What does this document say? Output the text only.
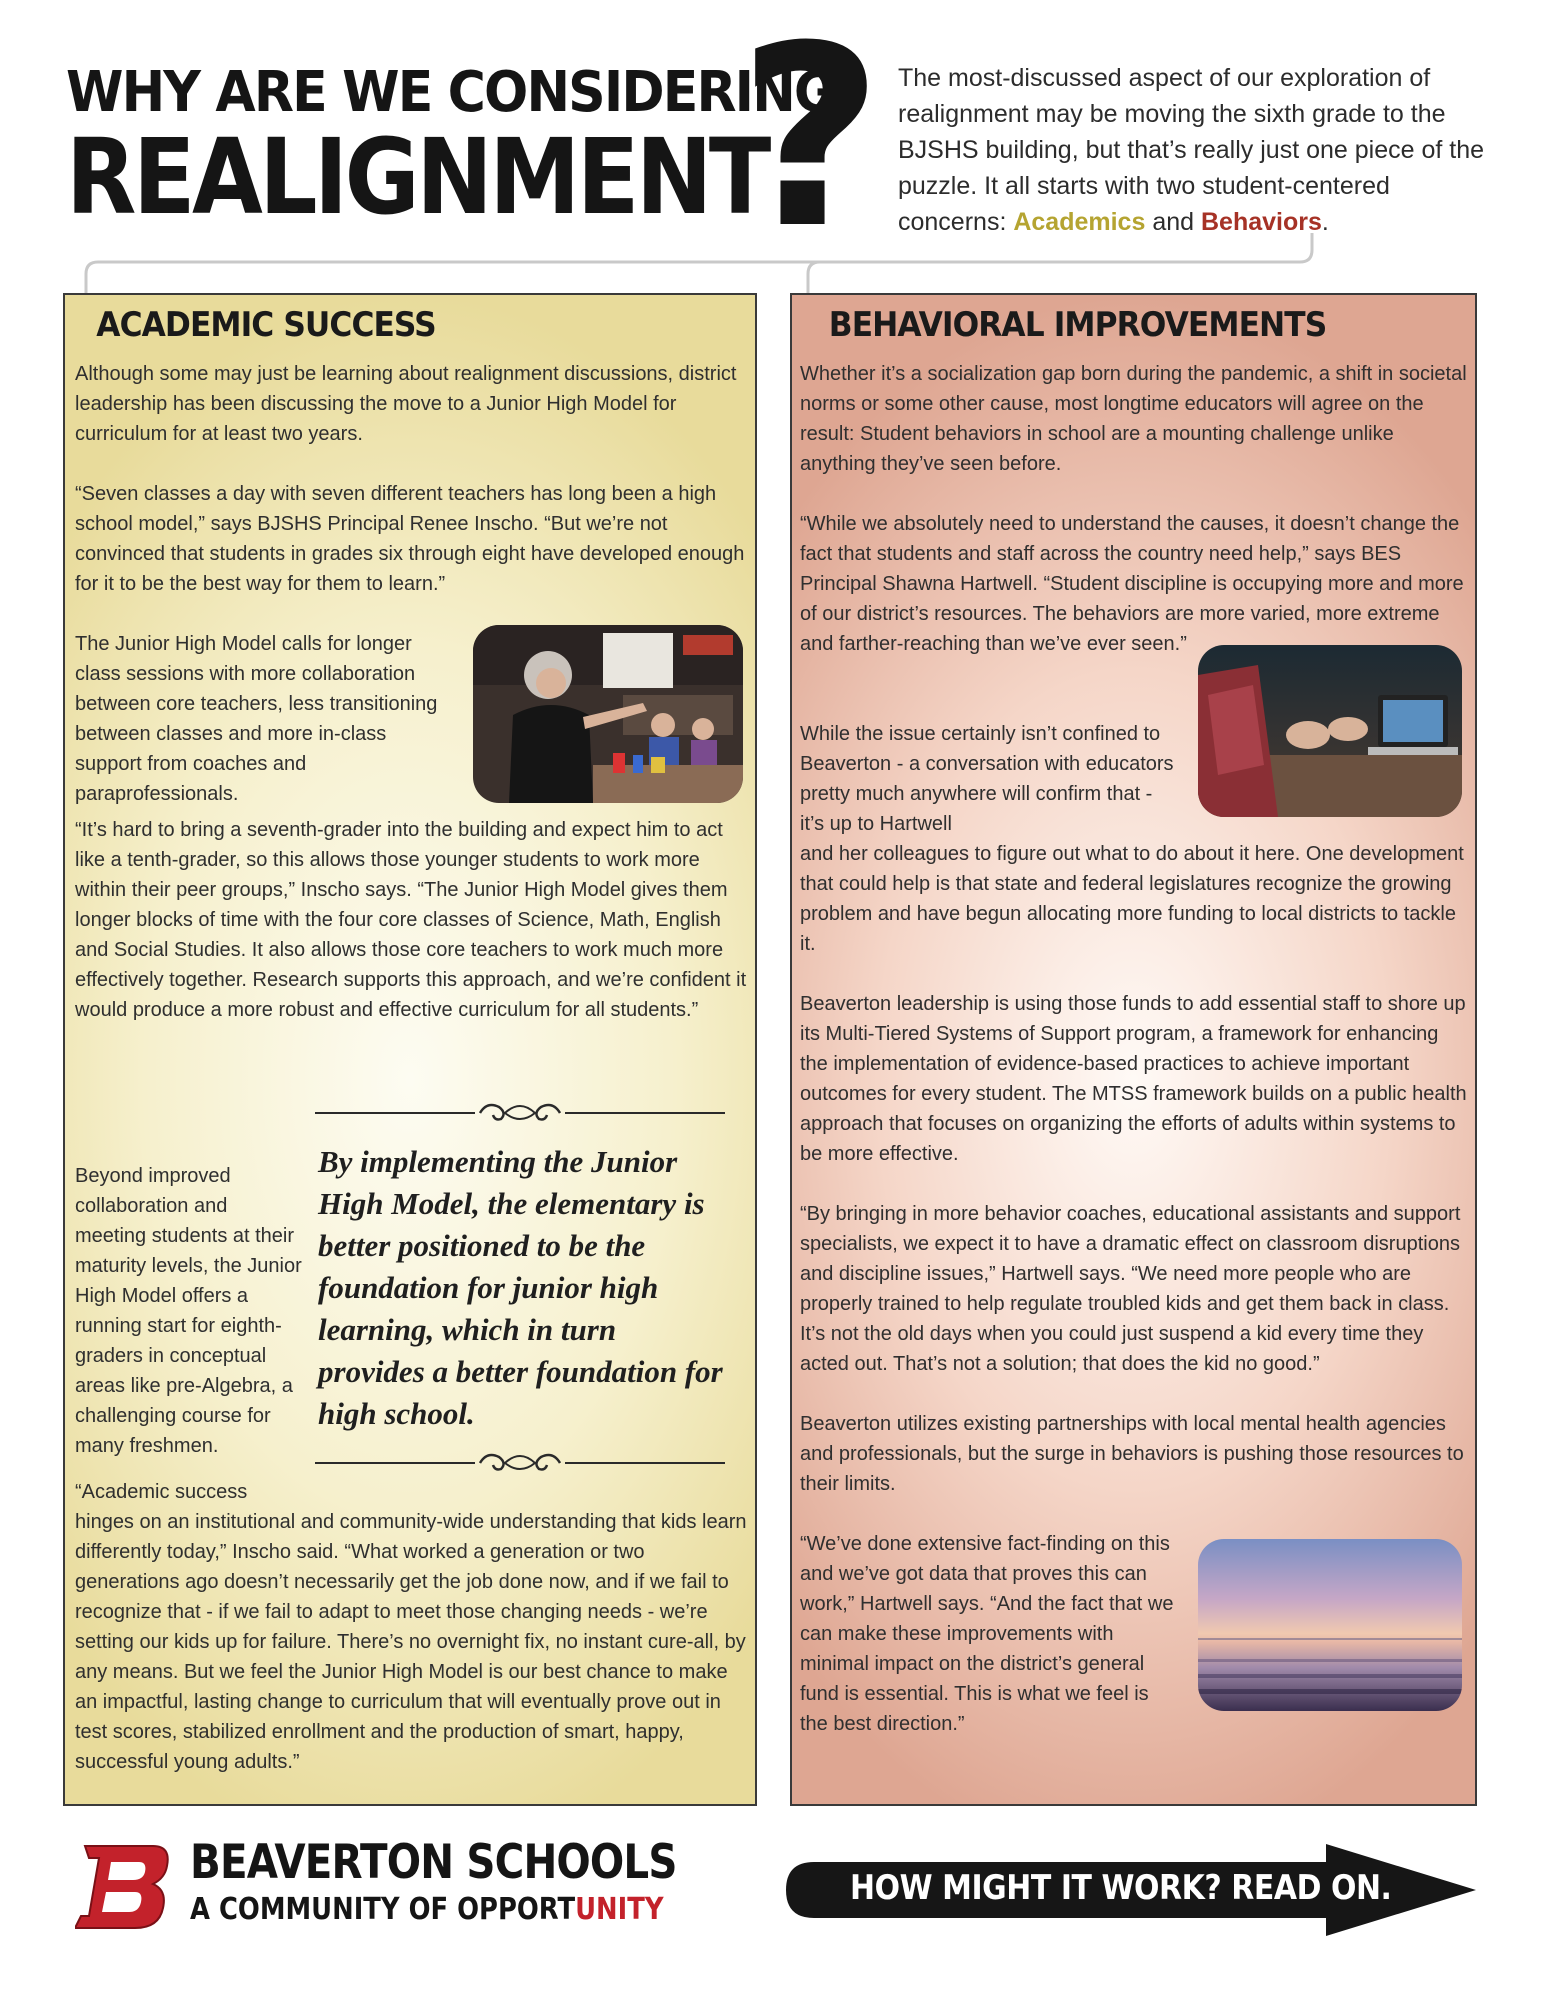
WHY ARE WE CONSIDERING
REALIGNMENT
? The most-discussed aspect of our exploration of realignment may be moving the sixth grade to the BJSHS building, but that’s really just one piece of the puzzle. It all starts with two student-centered concerns: Academics and Behaviors.
ACADEMIC SUCCESS

Although some may just be learning about realignment discussions, district leadership has been discussing the move to a Junior High Model for curriculum for at least two years.

“Seven classes a day with seven different teachers has long been a high school model,” says BJSHS Principal Renee Inscho. “But we’re not convinced that students in grades six through eight have developed enough for it to be the best way for them to learn.”

The Junior High Model calls for longer class sessions with more collaboration between core teachers, less transitioning between classes and more in-class support from coaches and paraprofessionals.

“It’s hard to bring a seventh-grader into the building and expect him to act like a tenth-grader, so this allows those younger students to work more within their peer groups,” Inscho says. “The Junior High Model gives them longer blocks of time with the four core classes of Science, Math, English and Social Studies. It also allows those core teachers to work much more effectively together. Research supports this approach, and we’re confident it would produce a more robust and effective curriculum for all students.”

Beyond improved collaboration and meeting students at their maturity levels, the Junior High Model offers a running start for eighth-graders in conceptual areas like pre-Algebra, a challenging course for many freshmen.

By implementing the Junior High Model, the elementary is better positioned to be the foundation for junior high learning, which in turn provides a better foundation for high school.

“Academic success

hinges on an institutional and community-wide understanding that kids learn differently today,” Inscho said. “What worked a generation or two generations ago doesn’t necessarily get the job done now, and if we fail to recognize that - if we fail to adapt to meet those changing needs - we’re setting our kids up for failure. There’s no overnight fix, no instant cure-all, by any means. But we feel the Junior High Model is our best chance to make an impactful, lasting change to curriculum that will eventually prove out in test scores, stabilized enrollment and the production of smart, happy, successful young adults.”

BEHAVIORAL IMPROVEMENTS

Whether it’s a socialization gap born during the pandemic, a shift in societal norms or some other cause, most longtime educators will agree on the result: Student behaviors in school are a mounting challenge unlike anything they’ve seen before.

“While we absolutely need to understand the causes, it doesn’t change the fact that students and staff across the country need help,” says BES Principal Shawna Hartwell. “Student discipline is occupying more and more of our district’s resources. The behaviors are more varied, more extreme and farther-reaching than we’ve ever seen.”

While the issue certainly isn’t confined to Beaverton - a conversation with educators pretty much anywhere will confirm that - it’s up to Hartwell

and her colleagues to figure out what to do about it here. One development that could help is that state and federal legislatures recognize the growing problem and have begun allocating more funding to local districts to tackle it.

Beaverton leadership is using those funds to add essential staff to shore up its Multi-Tiered Systems of Support program, a framework for enhancing the implementation of evidence-based practices to achieve important outcomes for every student. The MTSS framework builds on a public health approach that focuses on organizing the efforts of adults within systems to be more effective.

“By bringing in more behavior coaches, educational assistants and support specialists, we expect it to have a dramatic effect on classroom disruptions and discipline issues,” Hartwell says. “We need more people who are properly trained to help regulate troubled kids and get them back in class. It’s not the old days when you could just suspend a kid every time they acted out. That’s not a solution; that does the kid no good.”

Beaverton utilizes existing partnerships with local mental health agencies and professionals, but the surge in behaviors is pushing those resources to their limits.

“We’ve done extensive fact-finding on this and we’ve got data that proves this can work,” Hartwell says. “And the fact that we can make these improvements with minimal impact on the district’s general fund is essential. This is what we feel is the best direction.”

B BEAVERTON SCHOOLS
A COMMUNITY OF OPPORTUNITY
HOW MIGHT IT WORK? READ ON.
